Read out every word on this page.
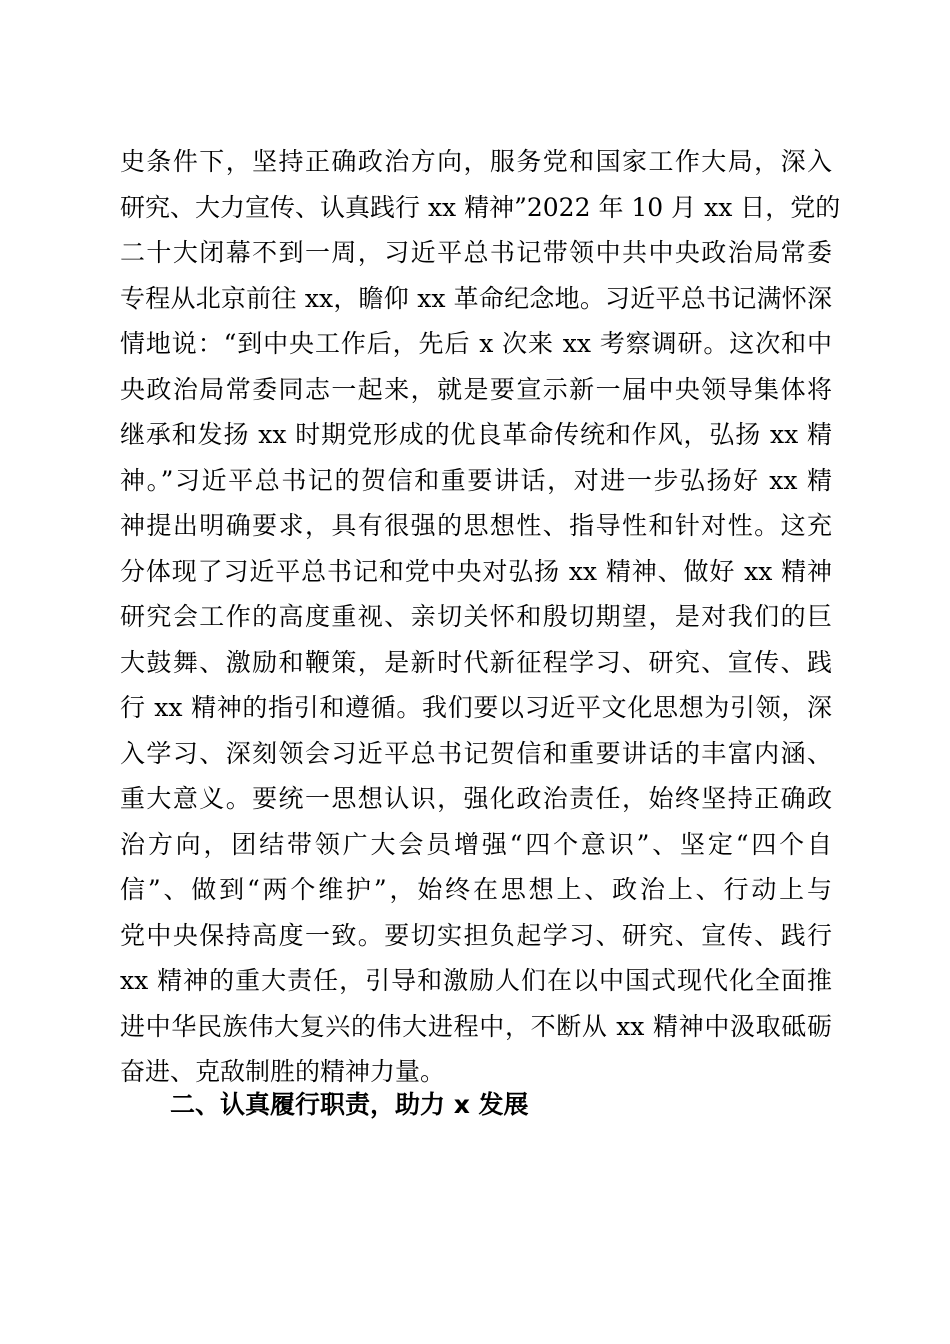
史条件下，坚持正确政治方向，服务党和国家工作大局，深入
研究、大力宣传、认真践行 xx 精神”2022 年 10 月 xx 日，党的
二十大闭幕不到一周，习近平总书记带领中共中央政治局常委
专程从北京前往 xx，瞻仰 xx 革命纪念地。习近平总书记满怀深
情地说：“到中央工作后，先后 x 次来 xx 考察调研。这次和中
央政治局常委同志一起来，就是要宣示新一届中央领导集体将
继承和发扬 xx 时期党形成的优良革命传统和作风，弘扬 xx 精
神。”习近平总书记的贺信和重要讲话，对进一步弘扬好 xx 精
神提出明确要求，具有很强的思想性、指导性和针对性。这充
分体现了习近平总书记和党中央对弘扬 xx 精神、做好 xx 精神
研究会工作的高度重视、亲切关怀和殷切期望，是对我们的巨
大鼓舞、激励和鞭策，是新时代新征程学习、研究、宣传、践
行 xx 精神的指引和遵循。我们要以习近平文化思想为引领，深
入学习、深刻领会习近平总书记贺信和重要讲话的丰富内涵、
重大意义。要统一思想认识，强化政治责任，始终坚持正确政
治方向，团结带领广大会员增强“四个意识”、坚定“四个自
信”、做到“两个维护”，始终在思想上、政治上、行动上与
党中央保持高度一致。要切实担负起学习、研究、宣传、践行
xx 精神的重大责任，引导和激励人们在以中国式现代化全面推
进中华民族伟大复兴的伟大进程中，不断从 xx 精神中汲取砥砺
奋进、克敌制胜的精神力量。
二、认真履行职责，助力 x 发展
